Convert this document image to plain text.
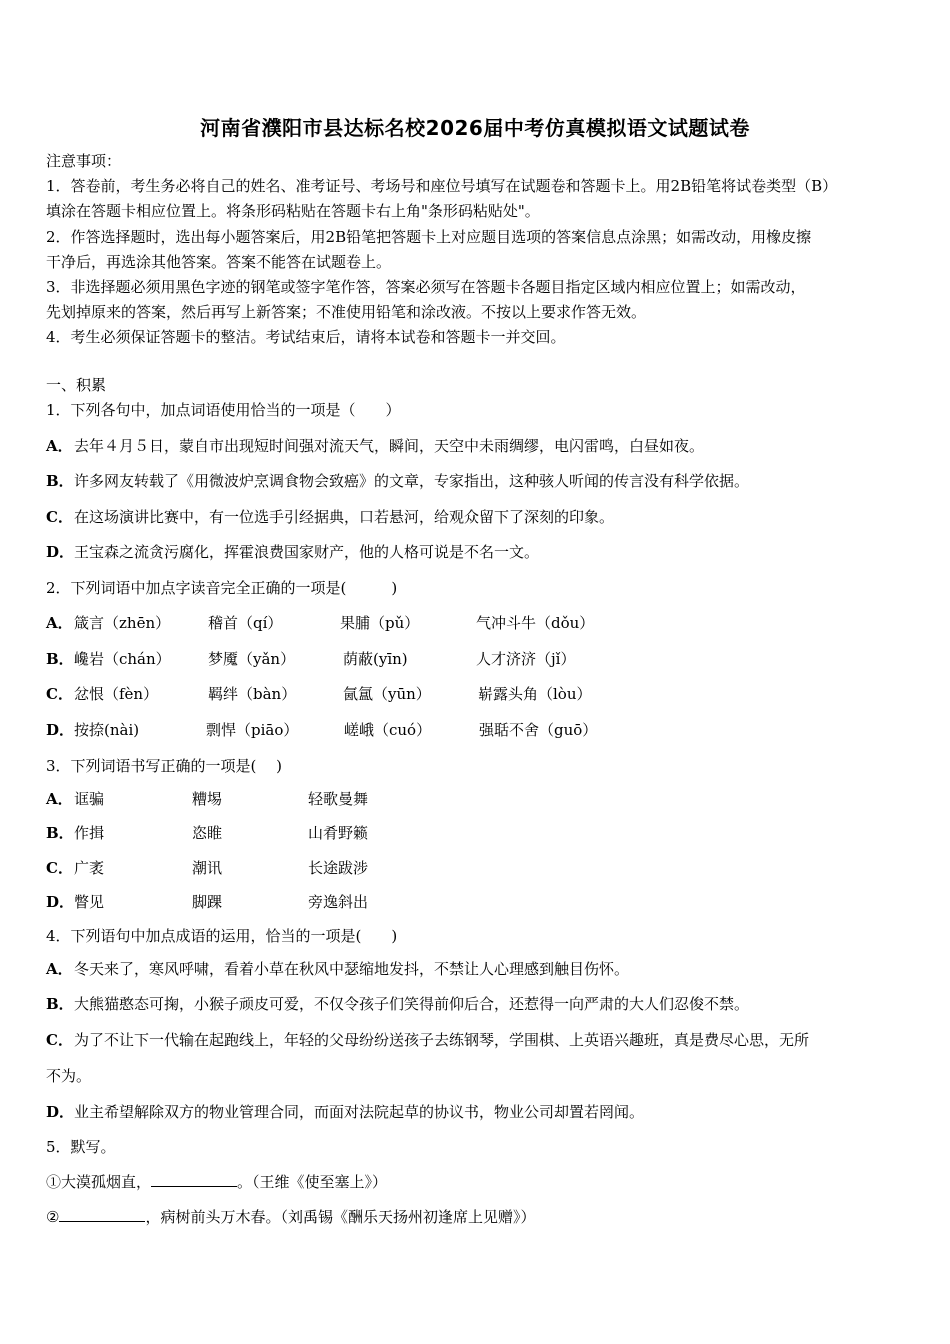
河南省濮阳市县达标名校2026届中考仿真模拟语文试题试卷
注意事项：
1．答卷前，考生务必将自己的姓名、准考证号、考场号和座位号填写在试题卷和答题卡上。用2B铅笔将试卷类型（B）
填涂在答题卡相应位置上。将条形码粘贴在答题卡右上角"条形码粘贴处"。
2．作答选择题时，选出每小题答案后，用2B铅笔把答题卡上对应题目选项的答案信息点涂黑；如需改动，用橡皮擦
干净后，再选涂其他答案。答案不能答在试题卷上。
3．非选择题必须用黑色字迹的钢笔或签字笔作答，答案必须写在答题卡各题目指定区域内相应位置上；如需改动，
先划掉原来的答案，然后再写上新答案；不准使用铅笔和涂改液。不按以上要求作答无效。
4．考生必须保证答题卡的整洁。考试结束后，请将本试卷和答题卡一并交回。
一、积累
1．下列各句中，加点词语使用恰当的一项是（　　）
A．去年４月５日，蒙自市出现短时间强对流天气，瞬间，天空中未雨绸缪，电闪雷鸣，白昼如夜。
B．许多网友转载了《用微波炉烹调食物会致癌》的文章，专家指出，这种骇人听闻的传言没有科学依据。
C．在这场演讲比赛中，有一位选手引经据典，口若悬河，给观众留下了深刻的印象。
D．王宝森之流贪污腐化，挥霍浪费国家财产，他的人格可说是不名一文。
2．下列词语中加点字读音完全正确的一项是(　　　)
A． 箴言（zhēn）	稽首（qí）	果脯（pǔ）	气冲斗牛（dǒu）
B． 巉岩（chán） 梦魇（yǎn）	荫蔽(yīn)	人才济济（jǐ）
C． 忿恨（fèn）	羁绊（bàn）	氤氲（yūn）	崭露头角（lòu）
D． 按捺(nài)	剽悍（piāo）	嵯峨（cuó）	强聒不舍（guō）
3．下列词语书写正确的一项是(　 )
A． 诓骗	糟埸	轻歌曼舞
B． 作揖	恣睢	山肴野籁
C． 广袤	潮讯	长途跋涉
D． 瞥见	脚踝	旁逸斜出
4．下列语句中加点成语的运用，恰当的一项是(　　)
A．冬天来了，寒风呼啸，看着小草在秋风中瑟缩地发抖，不禁让人心理感到触目伤怀。
B．大熊猫憨态可掬，小猴子顽皮可爱，不仅令孩子们笑得前仰后合，还惹得一向严肃的大人们忍俊不禁。
C．为了不让下一代输在起跑线上，年轻的父母纷纷送孩子去练钢琴，学围棋、上英语兴趣班，真是费尽心思，无所
不为。
D．业主希望解除双方的物业管理合同，而面对法院起草的协议书，物业公司却置若罔闻。
5．默写。
①大漠孤烟直，	。（王维《使至塞上》）
②	，病树前头万木春。（刘禹锡《酬乐天扬州初逢席上见赠》）
